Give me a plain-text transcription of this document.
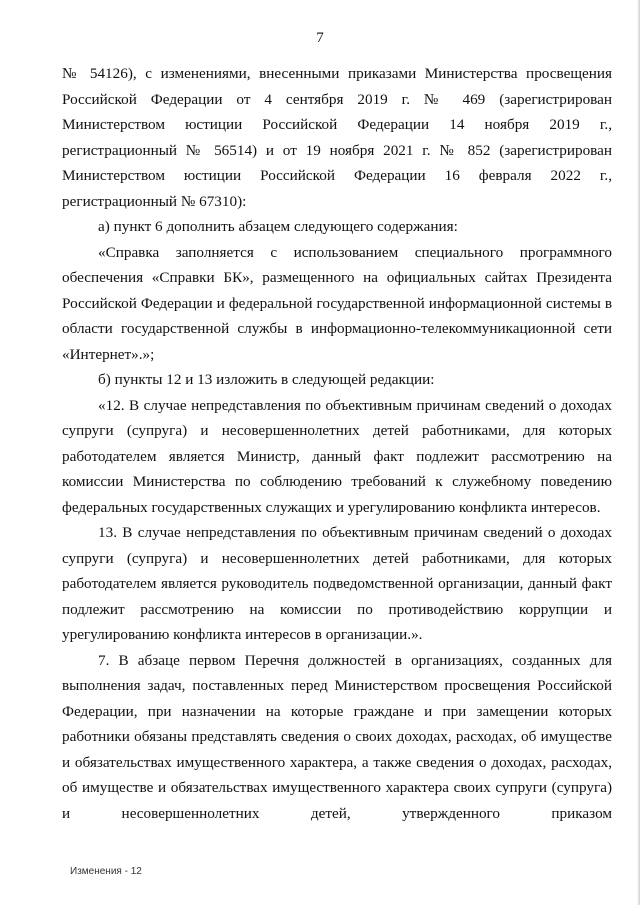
7

№ 54126), с изменениями, внесенными приказами Министерства просвещения Российской Федерации от 4 сентября 2019 г. № 469 (зарегистрирован Министерством юстиции Российской Федерации 14 ноября 2019 г., регистрационный № 56514) и от 19 ноября 2021 г. № 852 (зарегистрирован Министерством юстиции Российской Федерации 16 февраля 2022 г., регистрационный № 67310):

а) пункт 6 дополнить абзацем следующего содержания:

«Справка заполняется с использованием специального программного обеспечения «Справки БК», размещенного на официальных сайтах Президента Российской Федерации и федеральной государственной информационной системы в области государственной службы в информационно-телекоммуникационной сети «Интернет».»;

б) пункты 12 и 13 изложить в следующей редакции:

«12. В случае непредставления по объективным причинам сведений о доходах супруги (супруга) и несовершеннолетних детей работниками, для которых работодателем является Министр, данный факт подлежит рассмотрению на комиссии Министерства по соблюдению требований к служебному поведению федеральных государственных служащих и урегулированию конфликта интересов.

13. В случае непредставления по объективным причинам сведений о доходах супруги (супруга) и несовершеннолетних детей работниками, для которых работодателем является руководитель подведомственной организации, данный факт подлежит рассмотрению на комиссии по противодействию коррупции и урегулированию конфликта интересов в организации.».

7. В абзаце первом Перечня должностей в организациях, созданных для выполнения задач, поставленных перед Министерством просвещения Российской Федерации, при назначении на которые граждане и при замещении которых работники обязаны представлять сведения о своих доходах, расходах, об имуществе и обязательствах имущественного характера, а также сведения о доходах, расходах, об имуществе и обязательствах имущественного характера своих супруги (супруга) и несовершеннолетних детей, утвержденного приказом

Изменения - 12
